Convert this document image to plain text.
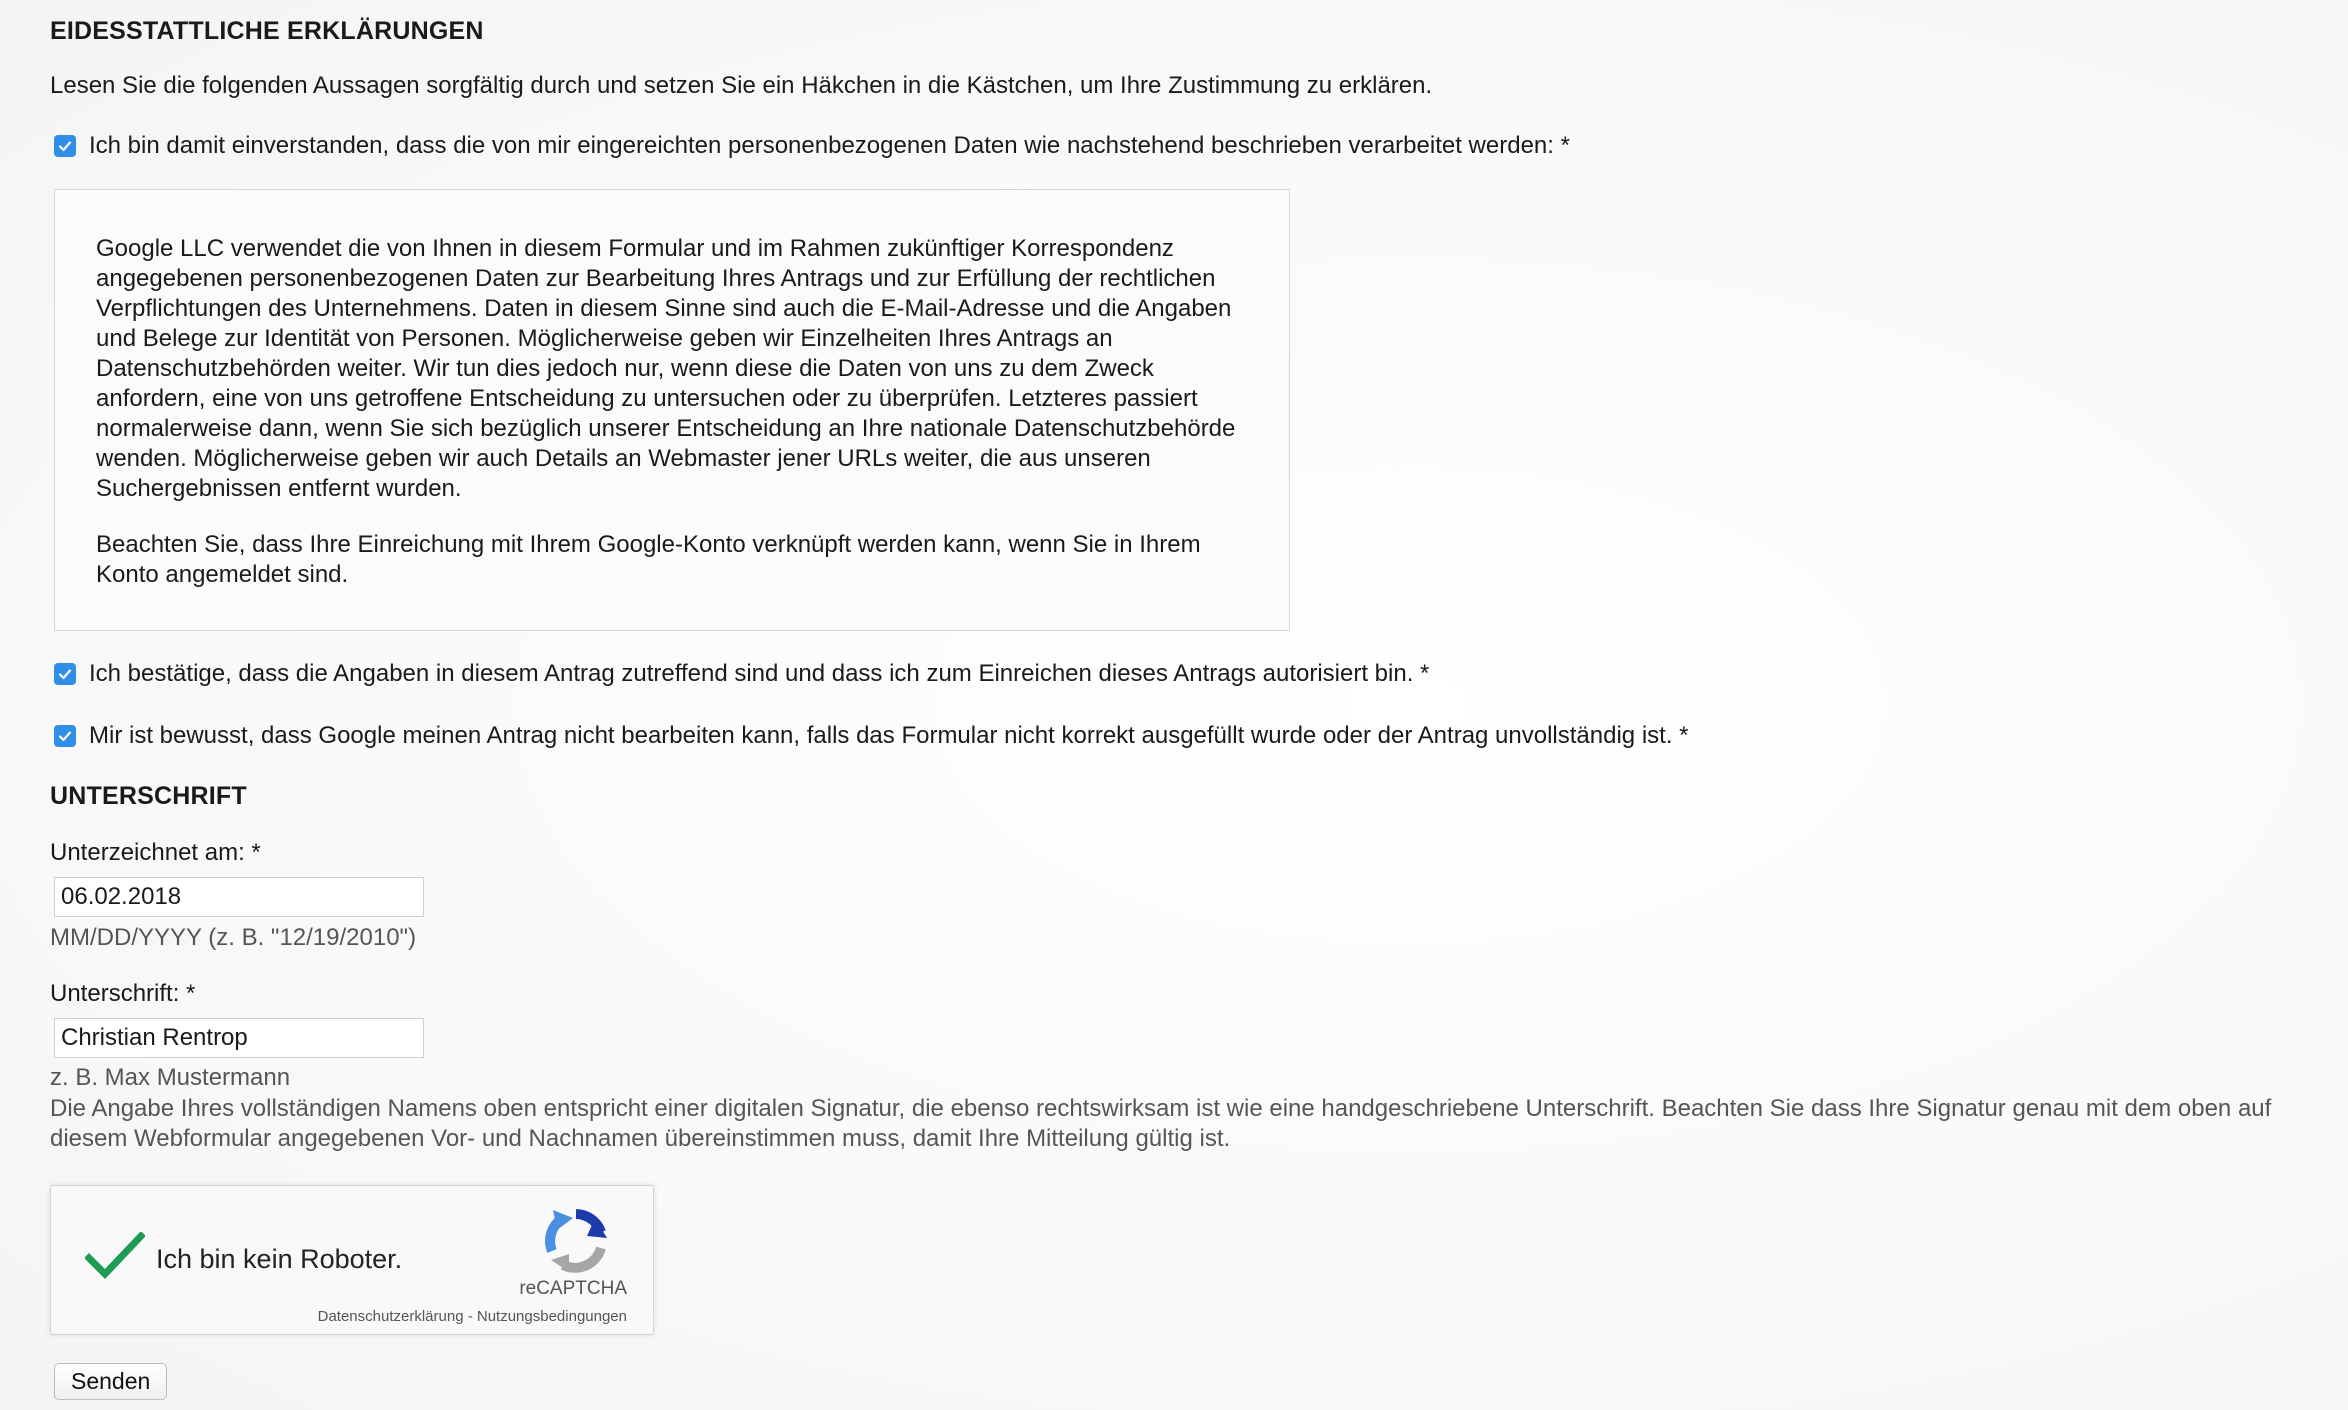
EIDESSTATTLICHE ERKLÄRUNGEN
Lesen Sie die folgenden Aussagen sorgfältig durch und setzen Sie ein Häkchen in die Kästchen, um Ihre Zustimmung zu erklären.
Ich bin damit einverstanden, dass die von mir eingereichten personenbezogenen Daten wie nachstehend beschrieben verarbeitet werden: *

Google LLC verwendet die von Ihnen in diesem Formular und im Rahmen zukünftiger Korrespondenz angegebenen personenbezogenen Daten zur Bearbeitung Ihres Antrags und zur Erfüllung der rechtlichen Verpflichtungen des Unternehmens. Daten in diesem Sinne sind auch die E-Mail-Adresse und die Angaben und Belege zur Identität von Personen. Möglicherweise geben wir Einzelheiten Ihres Antrags an Datenschutzbehörden weiter. Wir tun dies jedoch nur, wenn diese die Daten von uns zu dem Zweck anfordern, eine von uns getroffene Entscheidung zu untersuchen oder zu überprüfen. Letzteres passiert normalerweise dann, wenn Sie sich bezüglich unserer Entscheidung an Ihre nationale Datenschutzbehörde wenden. Möglicherweise geben wir auch Details an Webmaster jener URLs weiter, die aus unseren Suchergebnissen entfernt wurden.

Beachten Sie, dass Ihre Einreichung mit Ihrem Google-Konto verknüpft werden kann, wenn Sie in Ihrem Konto angemeldet sind.

Ich bestätige, dass die Angaben in diesem Antrag zutreffend sind und dass ich zum Einreichen dieses Antrags autorisiert bin. *
Mir ist bewusst, dass Google meinen Antrag nicht bearbeiten kann, falls das Formular nicht korrekt ausgefüllt wurde oder der Antrag unvollständig ist. *
UNTERSCHRIFT
Unterzeichnet am: *
06.02.2018
MM/DD/YYYY (z. B. "12/19/2010")
Unterschrift: *
Christian Rentrop
z. B. Max Mustermann
Die Angabe Ihres vollständigen Namens oben entspricht einer digitalen Signatur, die ebenso rechtswirksam ist wie eine handgeschriebene Unterschrift. Beachten Sie dass Ihre Signatur genau mit dem oben auf diesem Webformular angegebenen Vor- und Nachnamen übereinstimmen muss, damit Ihre Mitteilung gültig ist.
Ich bin kein Roboter.
reCAPTCHA
Datenschutzerklärung - Nutzungsbedingungen
Senden
